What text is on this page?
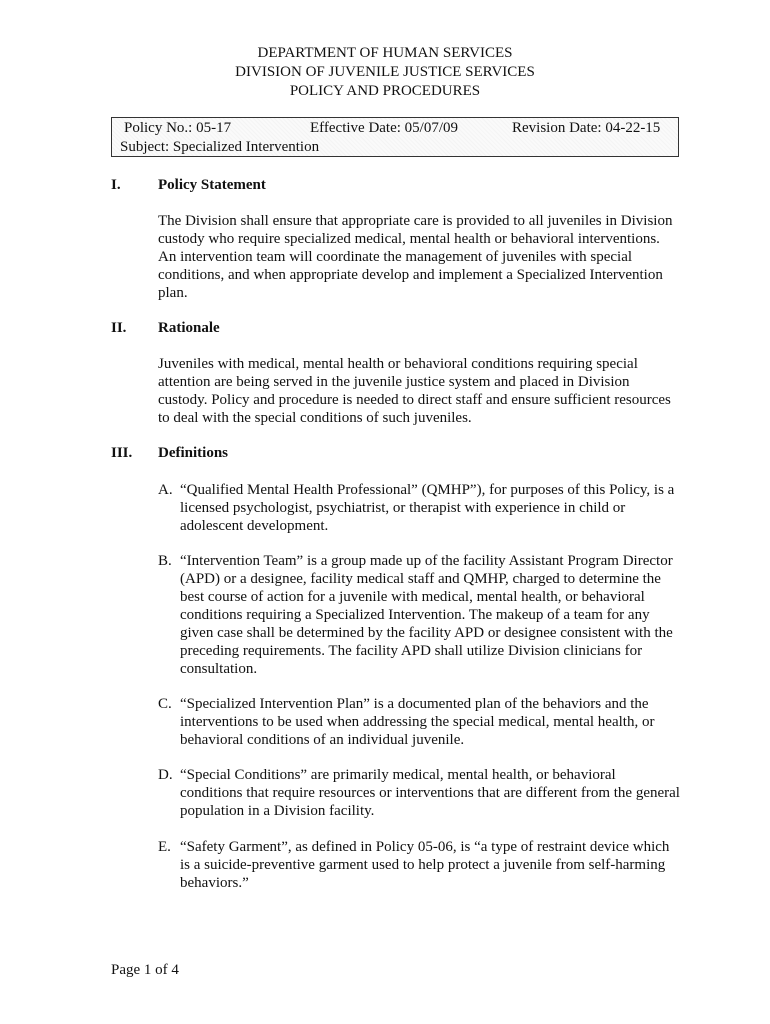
DEPARTMENT OF HUMAN SERVICES
DIVISION OF JUVENILE JUSTICE SERVICES
POLICY AND PROCEDURES
Policy No.: 05-17	Effective Date: 05/07/09	Revision Date: 04-22-15
Subject: Specialized Intervention
I. Policy Statement
The Division shall ensure that appropriate care is provided to all juveniles in Division custody who require specialized medical, mental health or behavioral interventions. An intervention team will coordinate the management of juveniles with special conditions, and when appropriate develop and implement a Specialized Intervention plan.
II. Rationale
Juveniles with medical, mental health or behavioral conditions requiring special attention are being served in the juvenile justice system and placed in Division custody. Policy and procedure is needed to direct staff and ensure sufficient resources to deal with the special conditions of such juveniles.
III. Definitions
A. “Qualified Mental Health Professional” (QMHP”), for purposes of this Policy, is a licensed psychologist, psychiatrist, or therapist with experience in child or adolescent development.
B. “Intervention Team” is a group made up of the facility Assistant Program Director (APD) or a designee, facility medical staff and QMHP, charged to determine the best course of action for a juvenile with medical, mental health, or behavioral conditions requiring a Specialized Intervention. The makeup of a team for any given case shall be determined by the facility APD or designee consistent with the preceding requirements. The facility APD shall utilize Division clinicians for consultation.
C. “Specialized Intervention Plan” is a documented plan of the behaviors and the interventions to be used when addressing the special medical, mental health, or behavioral conditions of an individual juvenile.
D. “Special Conditions” are primarily medical, mental health, or behavioral conditions that require resources or interventions that are different from the general population in a Division facility.
E. “Safety Garment”, as defined in Policy 05-06, is “a type of restraint device which is a suicide-preventive garment used to help protect a juvenile from self-harming behaviors.”
Page 1 of 4
